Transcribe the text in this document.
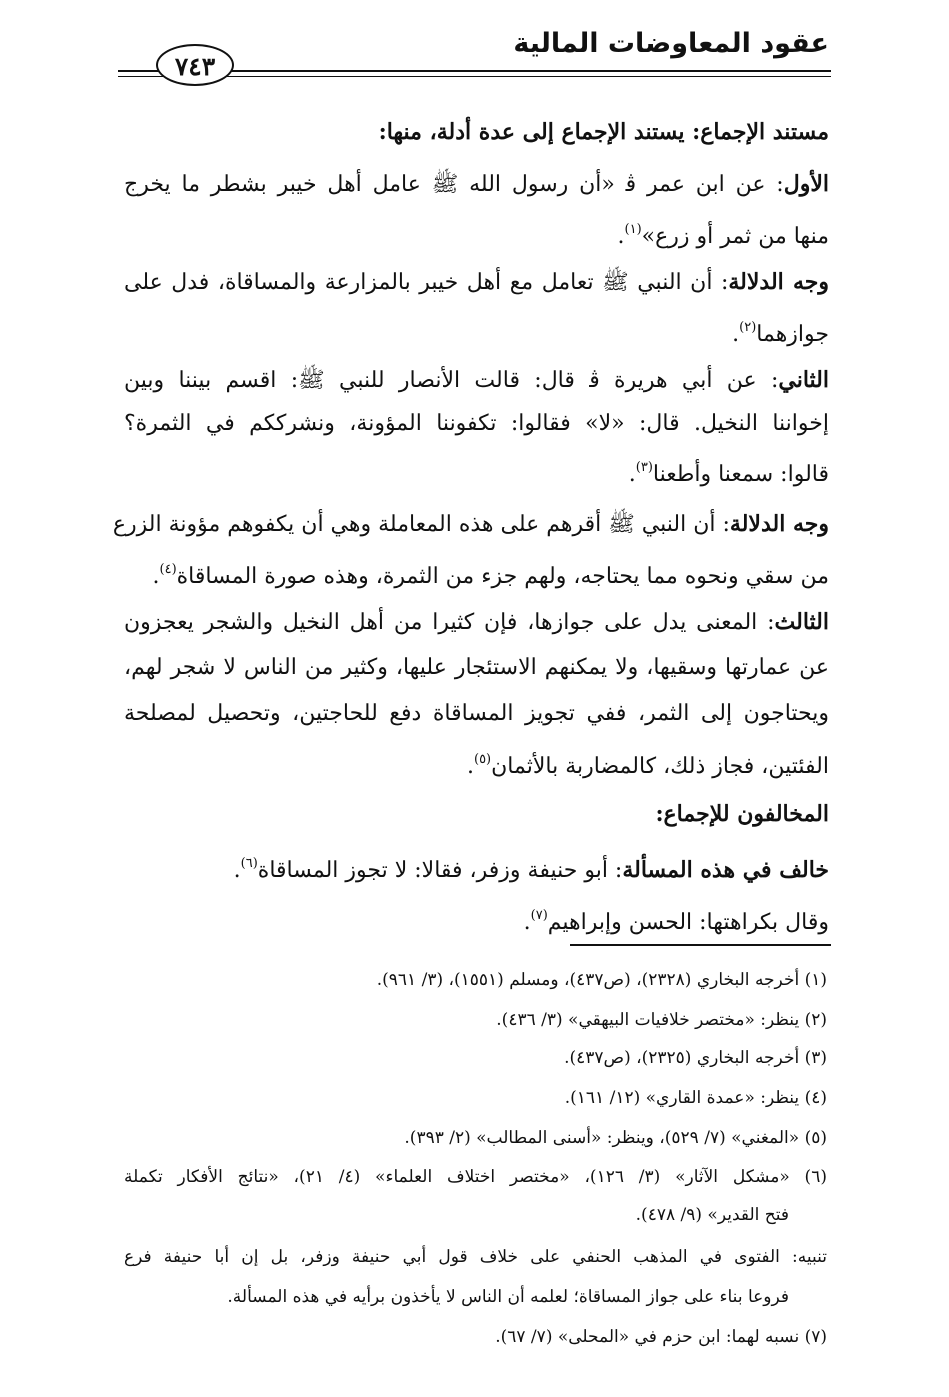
عقود المعاوضات المالية
٧٤٣
مستند الإجماع: يستند الإجماع إلى عدة أدلة، منها:
الأول: عن ابن عمر ﭬ «أن رسول الله ﷺ عامل أهل خيبر بشطر ما يخرج
منها من ثمر أو زرع»$^{(١)}$.
وجه الدلالة: أن النبي ﷺ تعامل مع أهل خيبر بالمزارعة والمساقاة، فدل على
جوازهما$^{(٢)}$.
الثاني: عن أبي هريرة ﭬ قال: قالت الأنصار للنبي ﷺ: اقسم بيننا وبين
إخواننا النخيل. قال: «لا» فقالوا: تكفوننا المؤونة، ونشرككم في الثمرة؟
قالوا: سمعنا وأطعنا$^{(٣)}$.
وجه الدلالة: أن النبي ﷺ أقرهم على هذه المعاملة وهي أن يكفوهم مؤونة الزرع
من سقي ونحوه مما يحتاجه، ولهم جزء من الثمرة، وهذه صورة المساقاة$^{(٤)}$.
الثالث: المعنى يدل على جوازها، فإن كثيرا من أهل النخيل والشجر يعجزون
عن عمارتها وسقيها، ولا يمكنهم الاستئجار عليها، وكثير من الناس لا شجر لهم،
ويحتاجون إلى الثمر، ففي تجويز المساقاة دفع للحاجتين، وتحصيل لمصلحة
الفئتين، فجاز ذلك، كالمضاربة بالأثمان$^{(٥)}$.
المخالفون للإجماع:
خالف في هذه المسألة: أبو حنيفة وزفر، فقالا: لا تجوز المساقاة$^{(٦)}$.
وقال بكراهتها: الحسن وإبراهيم$^{(٧)}$.
(١) أخرجه البخاري (٢٣٢٨)، (ص٤٣٧)، ومسلم (١٥٥١)، (٣/ ٩٦١).
(٢) ينظر: «مختصر خلافيات البيهقي» (٣/ ٤٣٦).
(٣) أخرجه البخاري (٢٣٢٥)، (ص٤٣٧).
(٤) ينظر: «عمدة القاري» (١٢/ ١٦١).
(٥) «المغني» (٧/ ٥٢٩)، وينظر: «أسنى المطالب» (٢/ ٣٩٣).
(٦) «مشكل الآثار» (٣/ ١٢٦)، «مختصر اختلاف العلماء» (٤/ ٢١)، «نتائج الأفكار تكملة
فتح القدير» (٩/ ٤٧٨).
تنبيه: الفتوى في المذهب الحنفي على خلاف قول أبي حنيفة وزفر، بل إن أبا حنيفة فرع
فروعا بناء على جواز المساقاة؛ لعلمه أن الناس لا يأخذون برأيه في هذه المسألة.
(٧) نسبه لهما: ابن حزم في «المحلى» (٧/ ٦٧).
